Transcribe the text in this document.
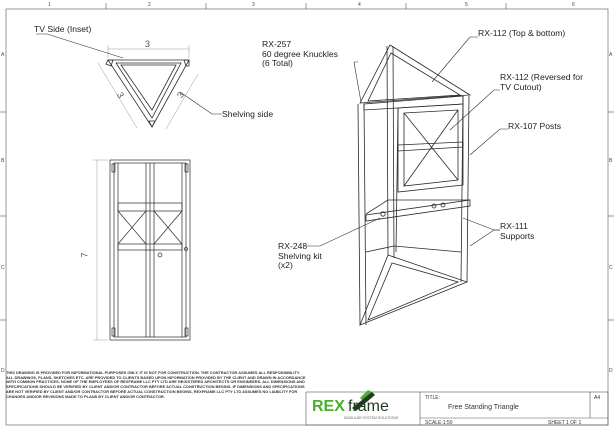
1	2	3	4	5	6
A
B
C
D
A
B
C
D
TV Side (Inset)
Shelving side
3
3	3
7
RX-257
60 degree Knuckles
(6 Total)
RX-112 (Top & bottom)
RX-112 (Reversed for
TV Cutout)
RX-107 Posts
RX-111
Supports
RX-248
Shelving kit
(x2)
THIS DRAWING IS PROVIDED FOR INFORMATIONAL PURPOSES ONLY. IT IS NOT FOR CONSTRUCTION. THE CONTRACTOR ASSUMES ALL RESPONSIBILITY. ALL DRAWINGS, PLANS, SKETCHES ETC. ARE PROVIDED TO CLIENTS BASED UPON INFORMATION PROVIDED BY THE CLIENT AND DRAWN IN ACCORDANCE WITH COMMON PRACTICES. NONE OF THE EMPLOYEES OF REXFRAME LLC PTY LTD ARE REGISTERED ARCHITECTS OR ENGINEERS. ALL DIMENSIONS AND SPECIFICATIONS SHOULD BE VERIFIED BY CLIENT AND/OR CONTRACTOR BEFORE ACTUAL CONSTRUCTION BEGINS. IF DIMENSIONS AND SPECIFICATIONS ARE NOT VERIFIED BY CLIENT AND/OR CONTRACTOR BEFORE ACTUAL CONSTRUCTION BEGINS, REXFRAME LLC PTY LTD ASSUMES NO LIABILITY FOR CHANGES AND/OR REVISIONS MADE TO PLANS BY CLIENT AND/OR CONTRACTOR.
REX frame
MODULAR SYSTEM SOLUTIONS
TITLE:
Free Standing Triangle
A4
SCALE:1:50	SHEET 1 OF 1
